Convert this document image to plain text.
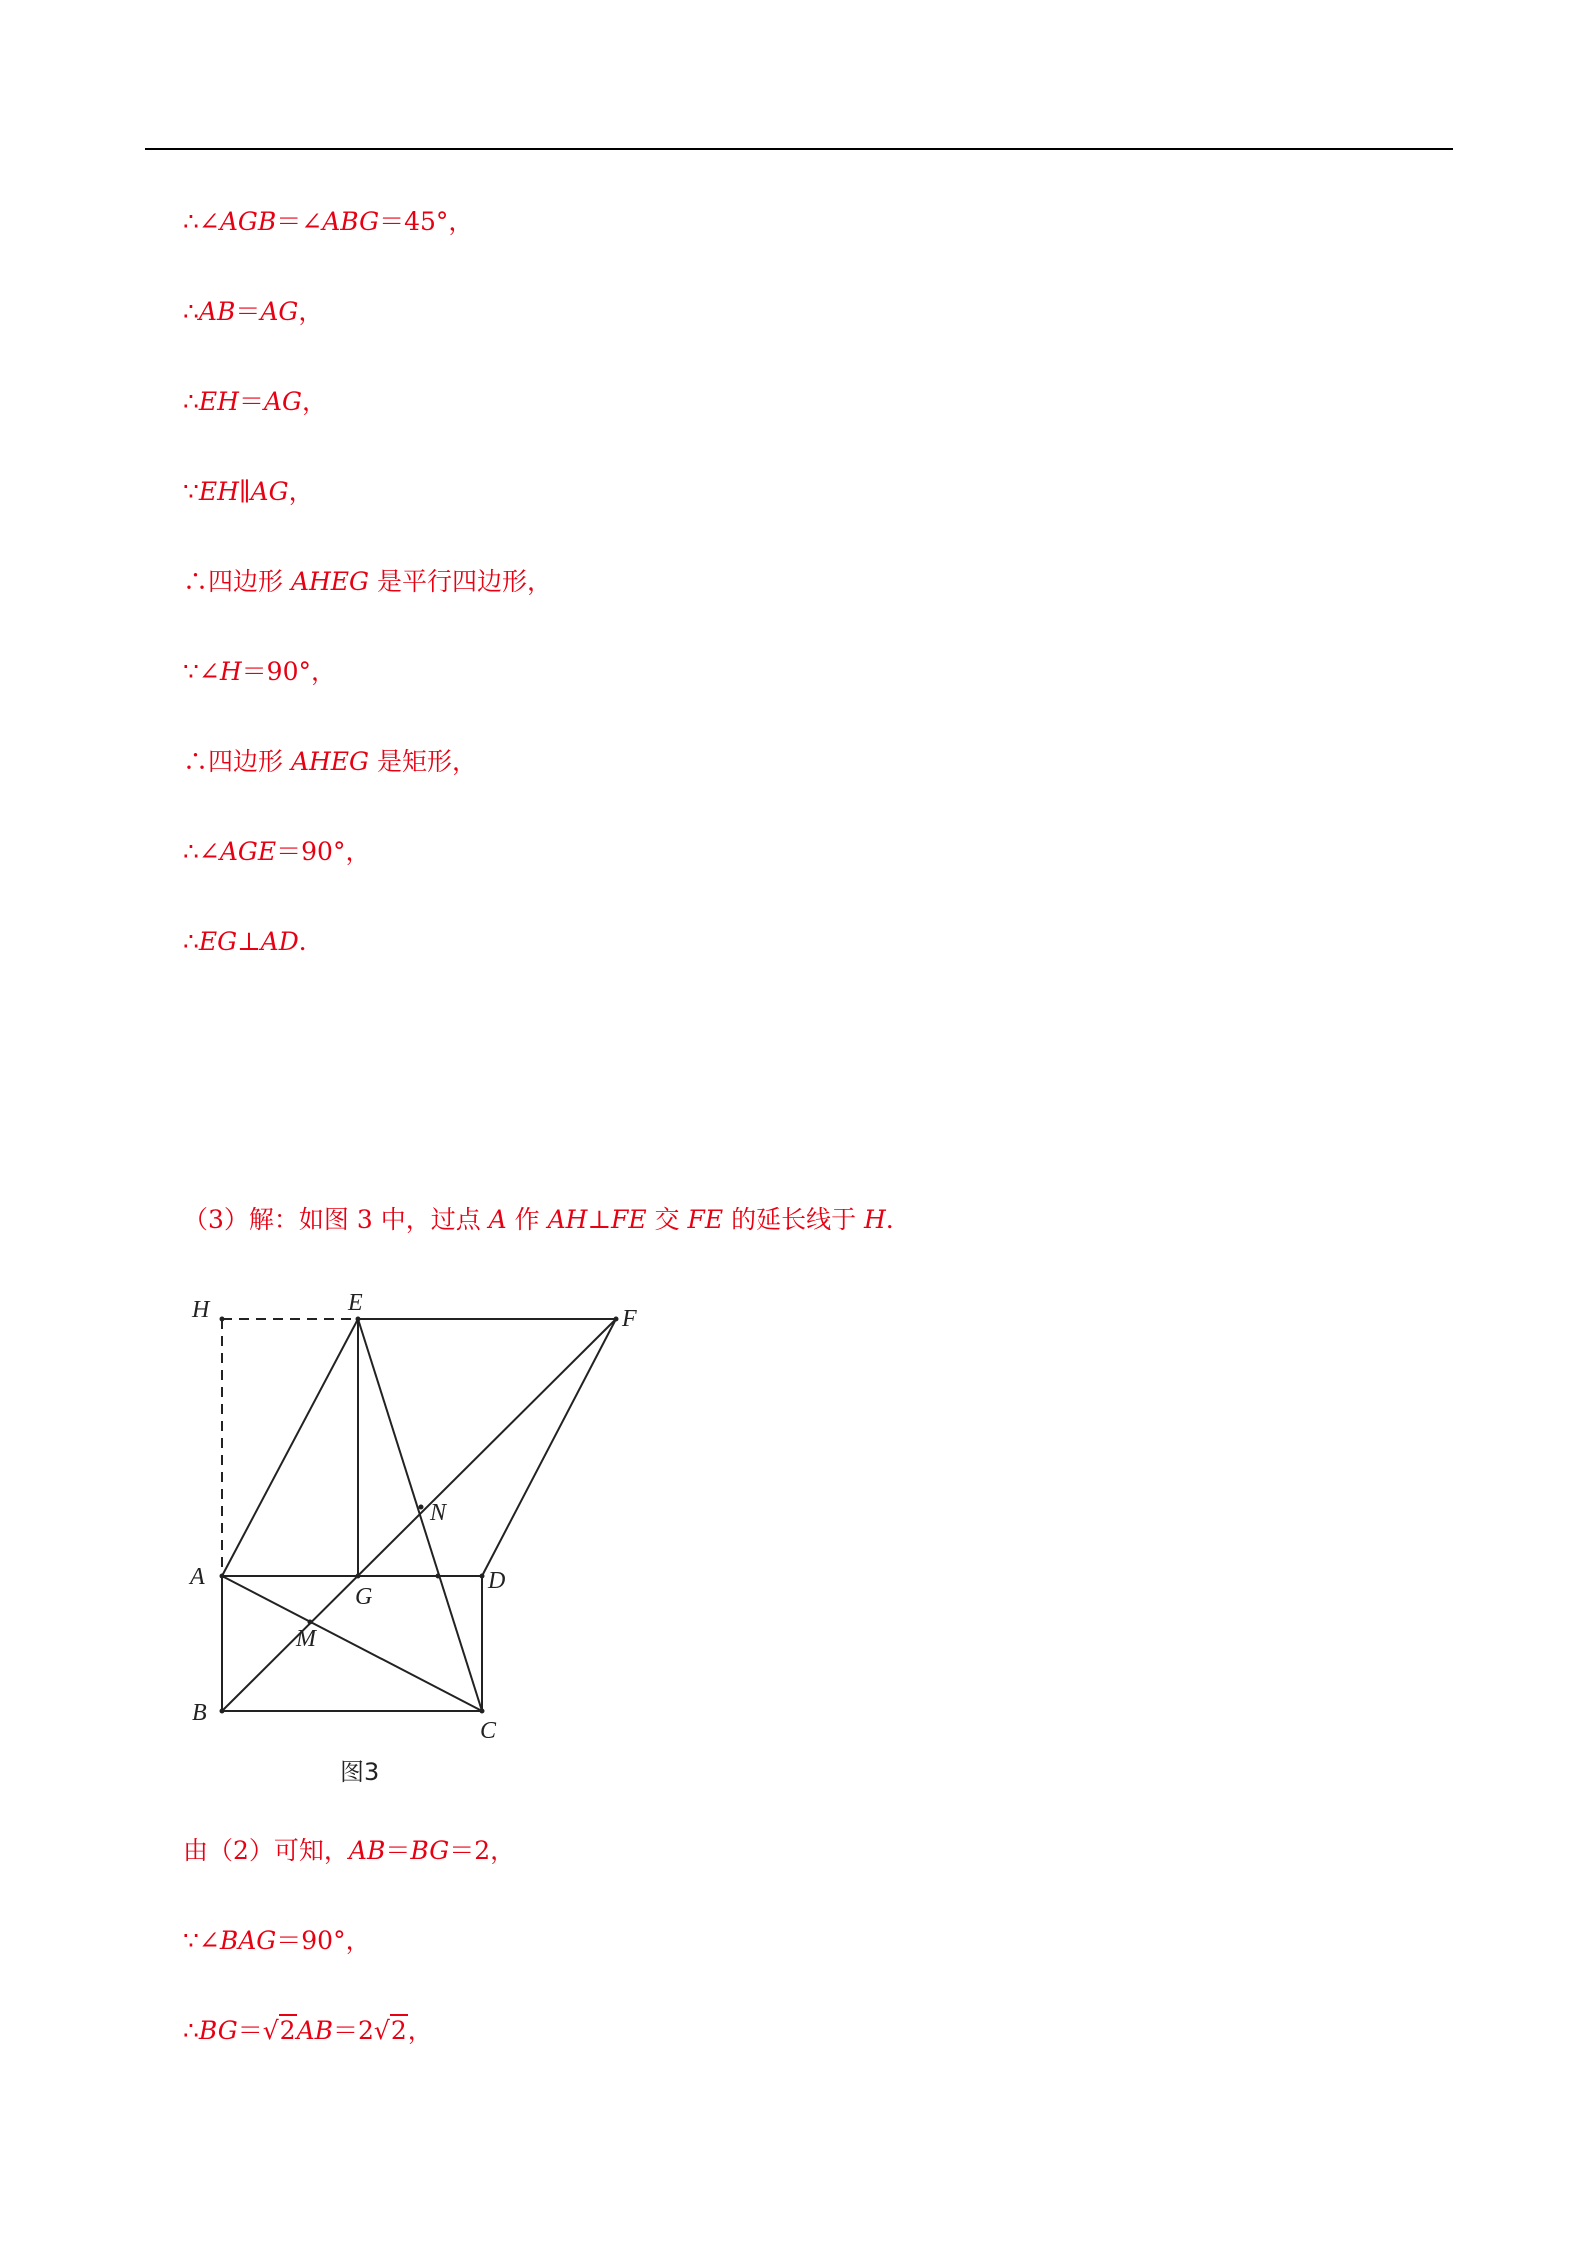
∴∠AGB＝∠ABG＝45°，
∴AB＝AG，
∴EH＝AG，
∵EH∥AG，
∴四边形 AHEG 是平行四边形，
∵∠H＝90°，
∴四边形 AHEG 是矩形，
∴∠AGE＝90°，
∴EG⊥AD．
（3）解：如图 3 中，过点 A 作 AH⊥FE 交 FE 的延长线于 H．
H	E
F
N
A
G
D
M
B
C
图3
由（2）可知，AB＝BG＝2，
∵∠BAG＝90°，
∴BG＝√2AB＝2√2，
